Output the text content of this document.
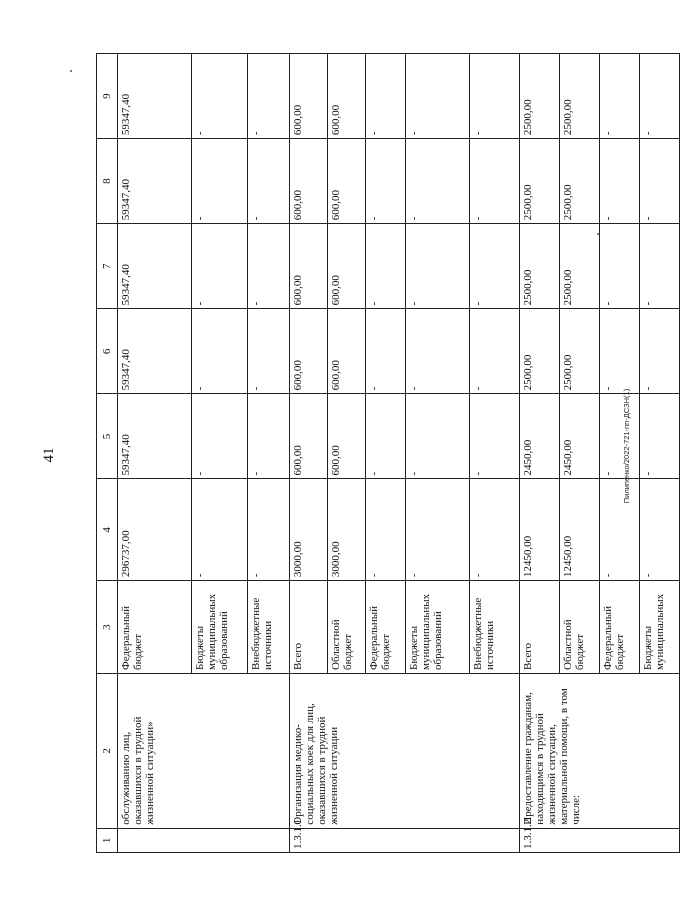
41	Пилипенко/2022-721-пп-ДСЗН(1)
1	2	3	4	5	6	7	8	9
	обслуживанию лиц, оказавшихся в трудной жизненной ситуации»	Федеральный бюджет	296737,00	59347,40	59347,40	59347,40	59347,40	59347,40
		Бюджеты муниципальных образований	-	-	-	-	-	-
		Внебюджетные источники	-	-	-	-	-	-
1.3.1.1	Организация медико-социальных коек для лиц, оказавшихся в трудной жизненной ситуации	Всего	3000,00	600,00	600,00	600,00	600,00	600,00
		Областной бюджет	3000,00	600,00	600,00	600,00	600,00	600,00
		Федеральный бюджет	-	-	-	-	-	-
		Бюджеты муниципальных образований	-	-	-	-	-	-
		Внебюджетные источники	-	-	-	-	-	-
1.3.1.2	Предоставление гражданам, находящимся в трудной жизненной ситуации, материальной помощи, в том числе:	Всего	12450,00	2450,00	2500,00	2500,00	2500,00	2500,00
		Областной бюджет	12450,00	2450,00	2500,00	2500,00	2500,00	2500,00
		Федеральный бюджет	-	-	-	-	-	-
		Бюджеты муниципальных	-	-	-	-	-	-
